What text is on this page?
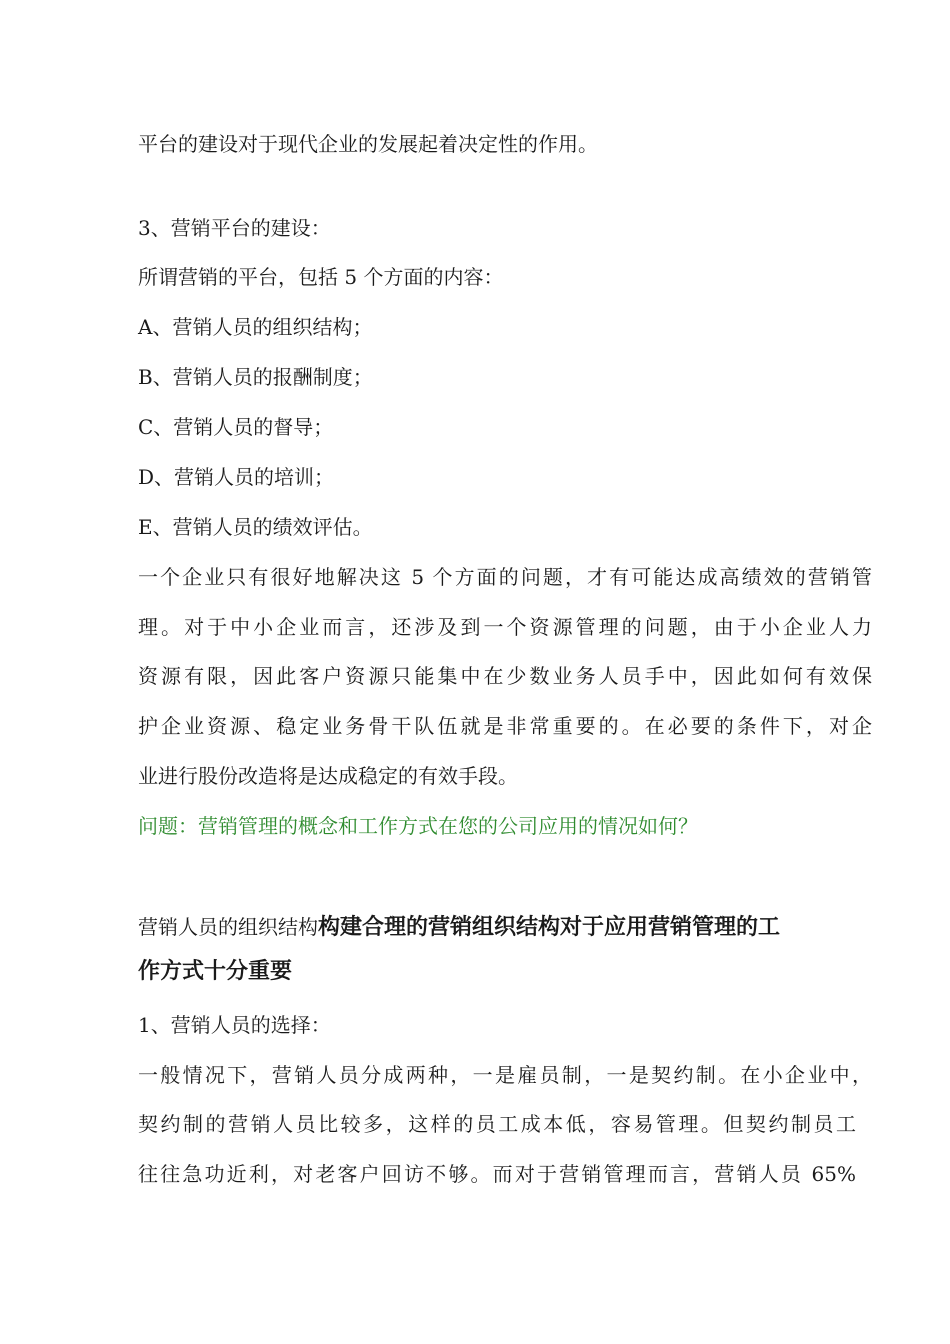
平台的建设对于现代企业的发展起着决定性的作用。
3、营销平台的建设：
所谓营销的平台，包括 5 个方面的内容：
A、营销人员的组织结构；
B、营销人员的报酬制度；
C、营销人员的督导；
D、营销人员的培训；
E、营销人员的绩效评估。
一个企业只有很好地解决这 5 个方面的问题，才有可能达成高绩效的营销管
理。对于中小企业而言，还涉及到一个资源管理的问题，由于小企业人力
资源有限，因此客户资源只能集中在少数业务人员手中，因此如何有效保
护企业资源、稳定业务骨干队伍就是非常重要的。在必要的条件下，对企
业进行股份改造将是达成稳定的有效手段。
问题：营销管理的概念和工作方式在您的公司应用的情况如何？
营销人员的组织结构构建合理的营销组织结构对于应用营销管理的工
作方式十分重要
1、营销人员的选择：
一般情况下，营销人员分成两种，一是雇员制，一是契约制。在小企业中，
契约制的营销人员比较多，这样的员工成本低，容易管理。但契约制员工
往往急功近利，对老客户回访不够。而对于营销管理而言，营销人员 65%
